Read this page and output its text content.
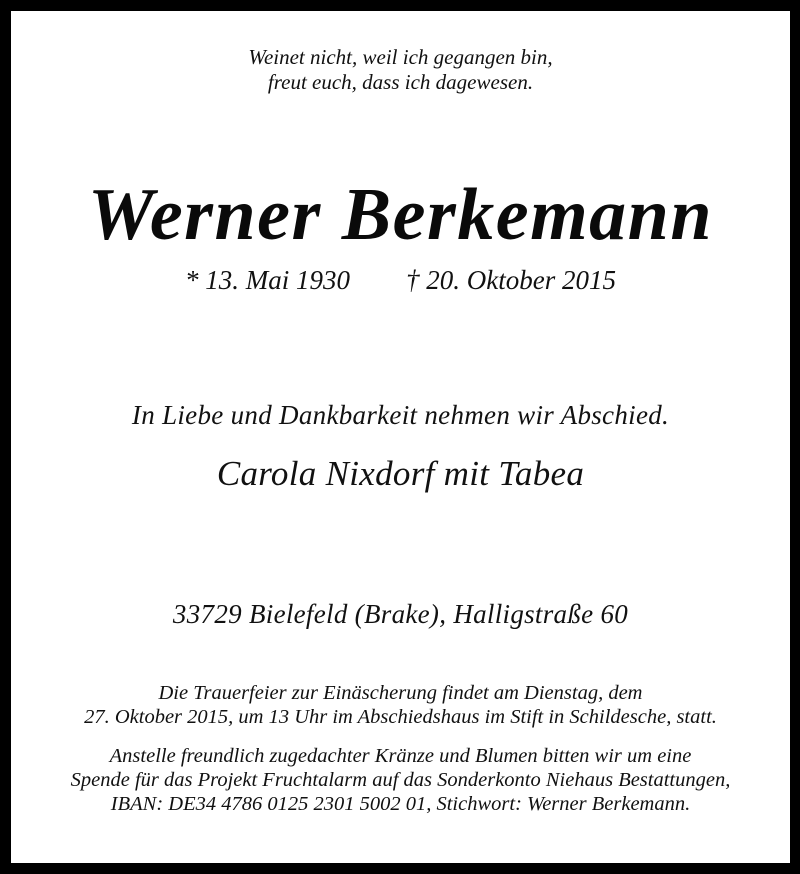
Weinet nicht, weil ich gegangen bin,

freut euch, dass ich dagewesen.

Werner Berkemann
* 13. Mai 1930 † 20. Oktober 2015

In Liebe und Dankbarkeit nehmen wir Abschied.

Carola Nixdorf mit Tabea

33729 Bielefeld (Brake), Halligstraße 60

Die Trauerfeier zur Einäscherung findet am Dienstag, dem

27. Oktober 2015, um 13 Uhr im Abschiedshaus im Stift in Schildesche, statt.

Anstelle freundlich zugedachter Kränze und Blumen bitten wir um eine

Spende für das Projekt Fruchtalarm auf das Sonderkonto Niehaus Bestattungen,

IBAN: DE34 4786 0125 2301 5002 01, Stichwort: Werner Berkemann.
